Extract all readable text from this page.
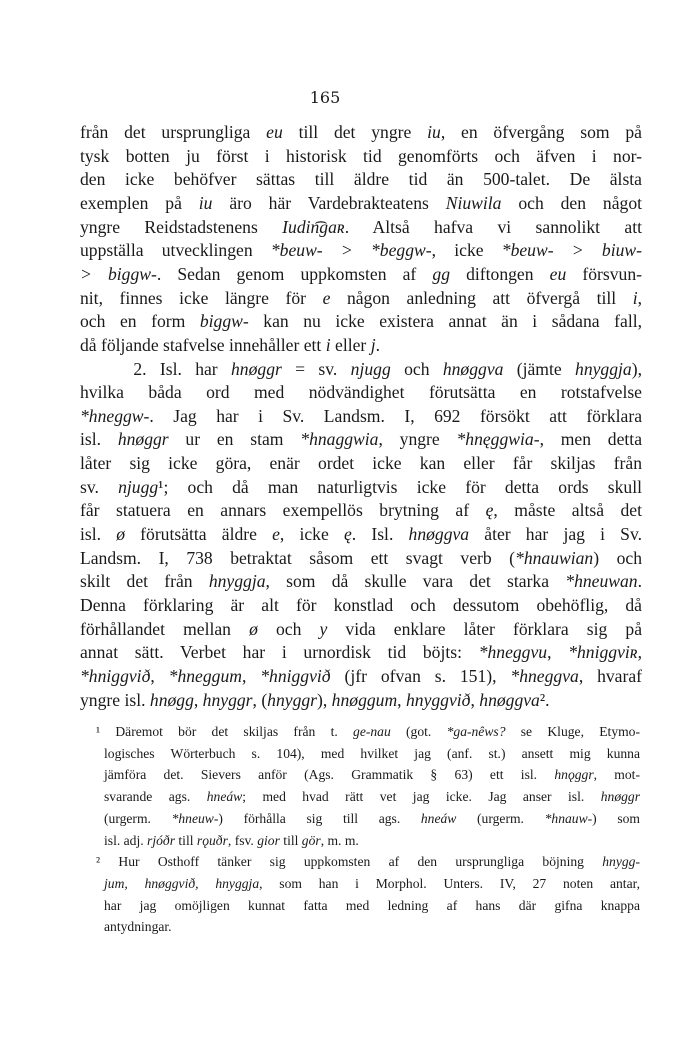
165
från det ursprungliga eu till det yngre iu, en öfvergång som på
tysk botten ju först i historisk tid genomförts och äfven i nor-
den icke behöfver sättas till äldre tid än 500-talet. De älsta
exemplen på iu äro här Vardebrakteatens Niuwila och den något
yngre Reidstadstenens Iudin͡gaʀ. Altså hafva vi sannolikt att
uppställa utvecklingen *beuw- > *beggw-, icke *beuw- > biuw-
> biggw-. Sedan genom uppkomsten af gg diftongen eu försvun-
nit, finnes icke längre för e någon anledning att öfvergå till i,
och en form biggw- kan nu icke existera annat än i sådana fall,
då följande stafvelse innehåller ett i eller j.
2. Isl. har hnøggr = sv. njugg och hnøggva (jämte hnyggja),
hvilka båda ord med nödvändighet förutsätta en rotstafvelse
*hneggw-. Jag har i Sv. Landsm. I, 692 försökt att förklara
isl. hnøggr ur en stam *hnaggwia, yngre *hnęggwia-, men detta
låter sig icke göra, enär ordet icke kan eller får skiljas från
sv. njugg¹; och då man naturligtvis icke för detta ords skull
får statuera en annars exempellös brytning af ę, måste altså det
isl. ø förutsätta äldre e, icke ę. Isl. hnøggva åter har jag i Sv.
Landsm. I, 738 betraktat såsom ett svagt verb (*hnauwian) och
skilt det från hnyggja, som då skulle vara det starka *hneuwan.
Denna förklaring är alt för konstlad och dessutom obehöflig, då
förhållandet mellan ø och y vida enklare låter förklara sig på
annat sätt. Verbet har i urnordisk tid böjts: *hneggvu, *hniggviʀ,
*hniggvið, *hneggum, *hniggvið (jfr ofvan s. 151), *hneggva, hvaraf
yngre isl. hnøgg, hnyggr, (hnyggr), hnøggum, hnyggvið, hnøggva².
¹ Däremot bör det skiljas från t. ge-nau (got. *ga-nêws? se Kluge, Etymo-
logisches Wörterbuch s. 104), med hvilket jag (anf. st.) ansett mig kunna
jämföra det. Sievers anför (Ags. Grammatik § 63) ett isl. hnǫggr, mot-
svarande ags. hneáw; med hvad rätt vet jag icke. Jag anser isl. hnøggr
(urgerm. *hneuw-) förhålla sig till ags. hneáw (urgerm. *hnauw-) som
isl. adj. rjóðr till rǫuðr, fsv. gior till gör, m. m.
² Hur Osthoff tänker sig uppkomsten af den ursprungliga böjning hnygg-
jum, hnøggvið, hnyggja, som han i Morphol. Unters. IV, 27 noten antar,
har jag omöjligen kunnat fatta med ledning af hans där gifna knappa
antydningar.
